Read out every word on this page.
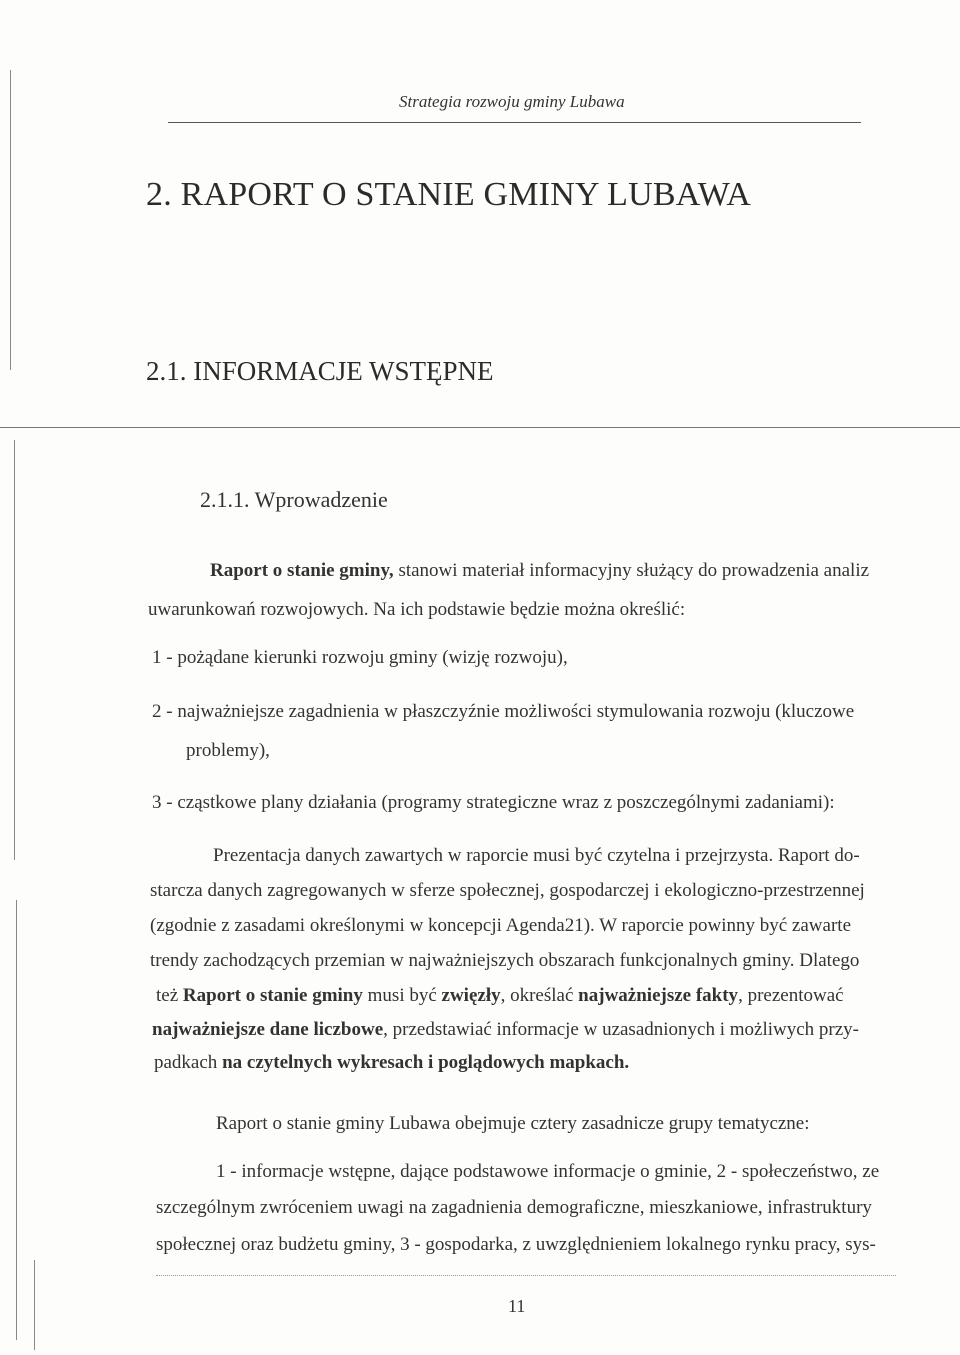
Strategia rozwoju gminy Lubawa
2. RAPORT O STANIE GMINY LUBAWA
2.1. INFORMACJE WSTĘPNE
2.1.1. Wprowadzenie
Raport o stanie gminy, stanowi materiał informacyjny służący do prowadzenia analiz
uwarunkowań rozwojowych. Na ich podstawie będzie można określić:
1 - pożądane kierunki rozwoju gminy (wizję rozwoju),
2 - najważniejsze zagadnienia w płaszczyźnie możliwości stymulowania rozwoju (kluczowe
problemy),
3 - cząstkowe plany działania (programy strategiczne wraz z poszczególnymi zadaniami):
Prezentacja danych zawartych w raporcie musi być czytelna i przejrzysta. Raport do-
starcza danych zagregowanych w sferze społecznej, gospodarczej i ekologiczno-przestrzennej
(zgodnie z zasadami określonymi w koncepcji Agenda21). W raporcie powinny być zawarte
trendy zachodzących przemian w najważniejszych obszarach funkcjonalnych gminy. Dlatego
też Raport o stanie gminy musi być zwięzły, określać najważniejsze fakty, prezentować
najważniejsze dane liczbowe, przedstawiać informacje w uzasadnionych i możliwych przy-
padkach na czytelnych wykresach i poglądowych mapkach.
Raport o stanie gminy Lubawa obejmuje cztery zasadnicze grupy tematyczne:
1 - informacje wstępne, dające podstawowe informacje o gminie, 2 - społeczeństwo, ze
szczególnym zwróceniem uwagi na zagadnienia demograficzne, mieszkaniowe, infrastruktury
społecznej oraz budżetu gminy, 3 - gospodarka, z uwzględnieniem lokalnego rynku pracy, sys-
11
